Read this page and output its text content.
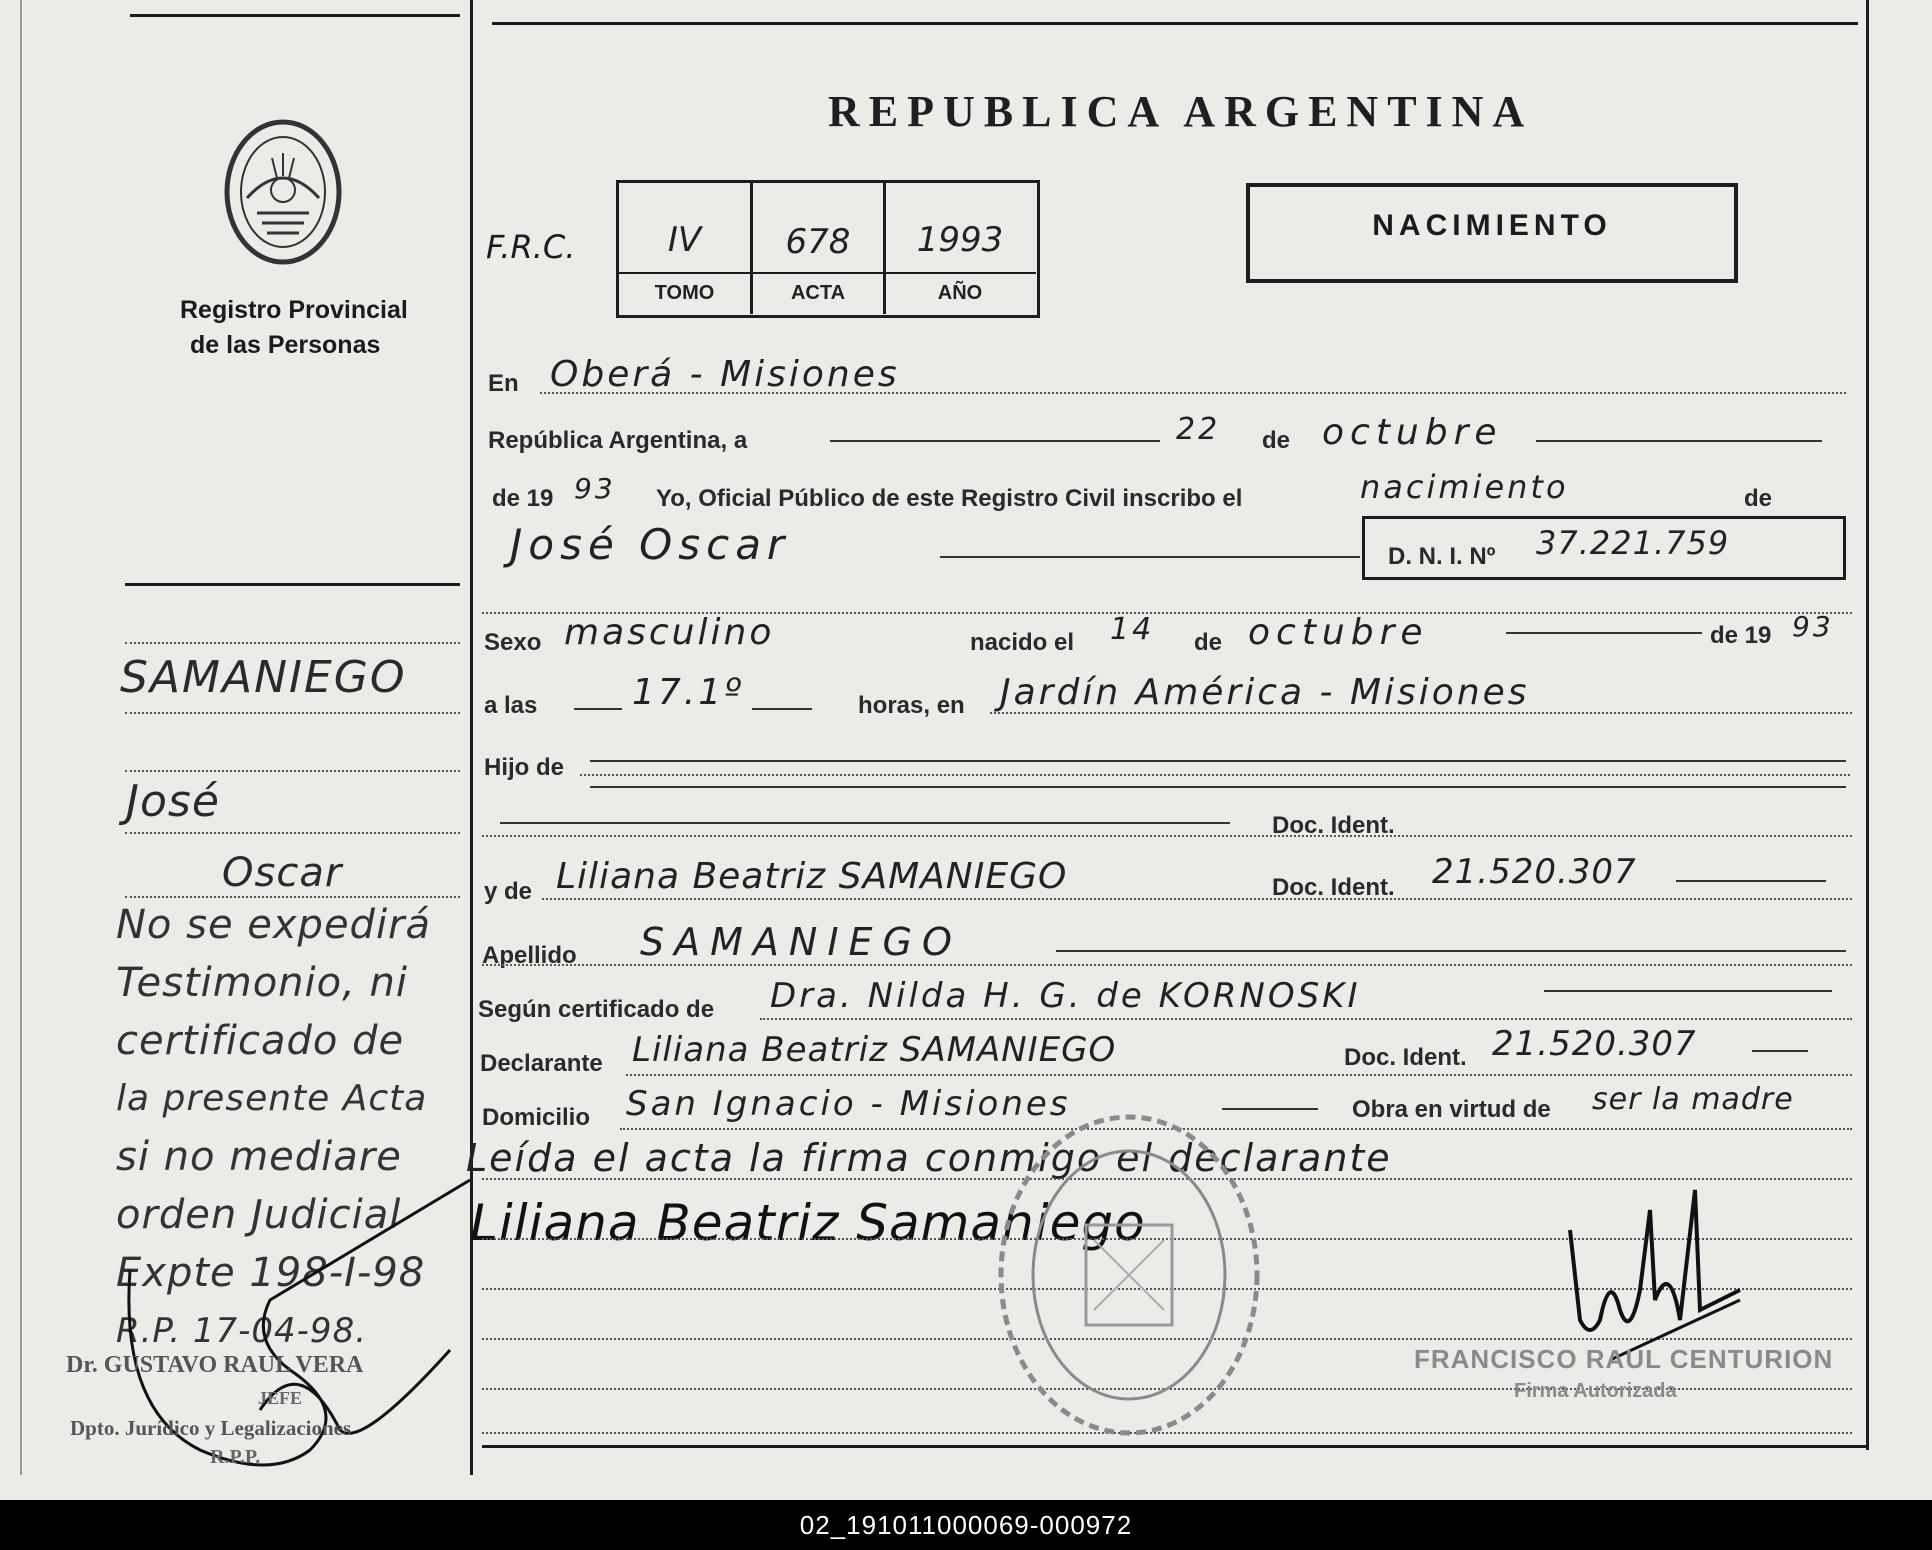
REPUBLICA ARGENTINA
Registro Provincial
de las Personas
F.R.C.	IV	678	1993
TOMO	ACTA	AÑO
NACIMIENTO
En Oberá - Misiones
República Argentina, a	22 de octubre
de 19 93 Yo, Oficial Público de este Registro Civil inscribo el	nacimiento	de
José Oscar	D. N. I. Nº 37.221.759
Sexo masculino	nacido el 14 de octubre	de 19 93
a las	17.1º	horas, en Jardín América - Misiones
Hijo de
Doc. Ident.
y de Liliana Beatriz SAMANIEGO	Doc. Ident. 21.520.307
Apellido SAMANIEGO
Según certificado de Dra. Nilda H. G. de KORNOSKI
Declarante Liliana Beatriz SAMANIEGO	Doc. Ident. 21.520.307
Domicilio San Ignacio - Misiones	Obra en virtud de ser la madre
Leída el acta la firma conmigo el declarante
Liliana Beatriz Samaniego
FRANCISCO RAUL CENTURION
Firma Autorizada
SAMANIEGO
José
Oscar
No se expedirá
Testimonio, ni
certificado de
la presente Acta
si no mediare
orden Judicial
Expte 198-I-98
R.P. 17-04-98.
Dr. GUSTAVO RAUL VERA
JEFE
Dpto. Jurídico y Legalizaciones
R.P.P.
02_191011000069-000972
